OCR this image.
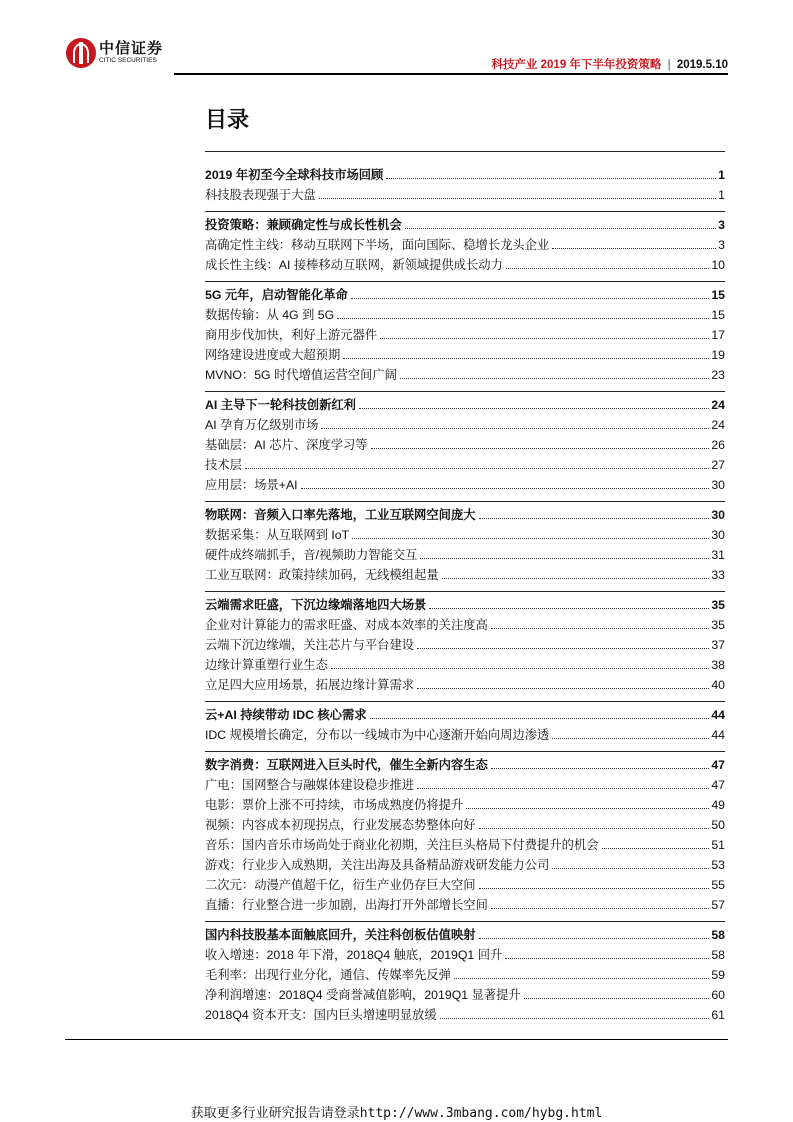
中信证券
CITIC SECURITIES	科技产业 2019 年下半年投资策略 | 2019.5.10
目录
2019 年初至今全球科技市场回顾	1
科技股表现强于大盘	1
投资策略：兼顾确定性与成长性机会	3
高确定性主线：移动互联网下半场，面向国际、稳增长龙头企业	3
成长性主线：AI 接棒移动互联网，新领域提供成长动力	10
5G 元年，启动智能化革命	15
数据传输：从 4G 到 5G	15
商用步伐加快，利好上游元器件	17
网络建设进度或大超预期	19
MVNO：5G 时代增值运营空间广阔	23
AI 主导下一轮科技创新红利	24
AI 孕育万亿级别市场	24
基础层：AI 芯片、深度学习等	26
技术层	27
应用层：场景+AI	30
物联网：音频入口率先落地，工业互联网空间庞大	30
数据采集：从互联网到 IoT	30
硬件成终端抓手，音/视频助力智能交互	31
工业互联网：政策持续加码，无线模组起量	33
云端需求旺盛，下沉边缘端落地四大场景	35
企业对计算能力的需求旺盛、对成本效率的关注度高	35
云端下沉边缘端，关注芯片与平台建设	37
边缘计算重塑行业生态	38
立足四大应用场景，拓展边缘计算需求	40
云+AI 持续带动 IDC 核心需求	44
IDC 规模增长确定，分布以一线城市为中心逐渐开始向周边渗透	44
数字消费：互联网进入巨头时代，催生全新内容生态	47
广电：国网整合与融媒体建设稳步推进	47
电影：票价上涨不可持续，市场成熟度仍将提升	49
视频：内容成本初现拐点，行业发展态势整体向好	50
音乐：国内音乐市场尚处于商业化初期，关注巨头格局下付费提升的机会	51
游戏：行业步入成熟期，关注出海及具备精品游戏研发能力公司	53
二次元：动漫产值超千亿，衍生产业仍存巨大空间	55
直播：行业整合进一步加剧，出海打开外部增长空间	57
国内科技股基本面触底回升，关注科创板估值映射	58
收入增速：2018 年下滑，2018Q4 触底，2019Q1 回升	58
毛利率：出现行业分化，通信、传媒率先反弹	59
净利润增速：2018Q4 受商誉减值影响，2019Q1 显著提升	60
2018Q4 资本开支：国内巨头增速明显放缓	61
获取更多行业研究报告请登录http://www.3mbang.com/hybg.html
